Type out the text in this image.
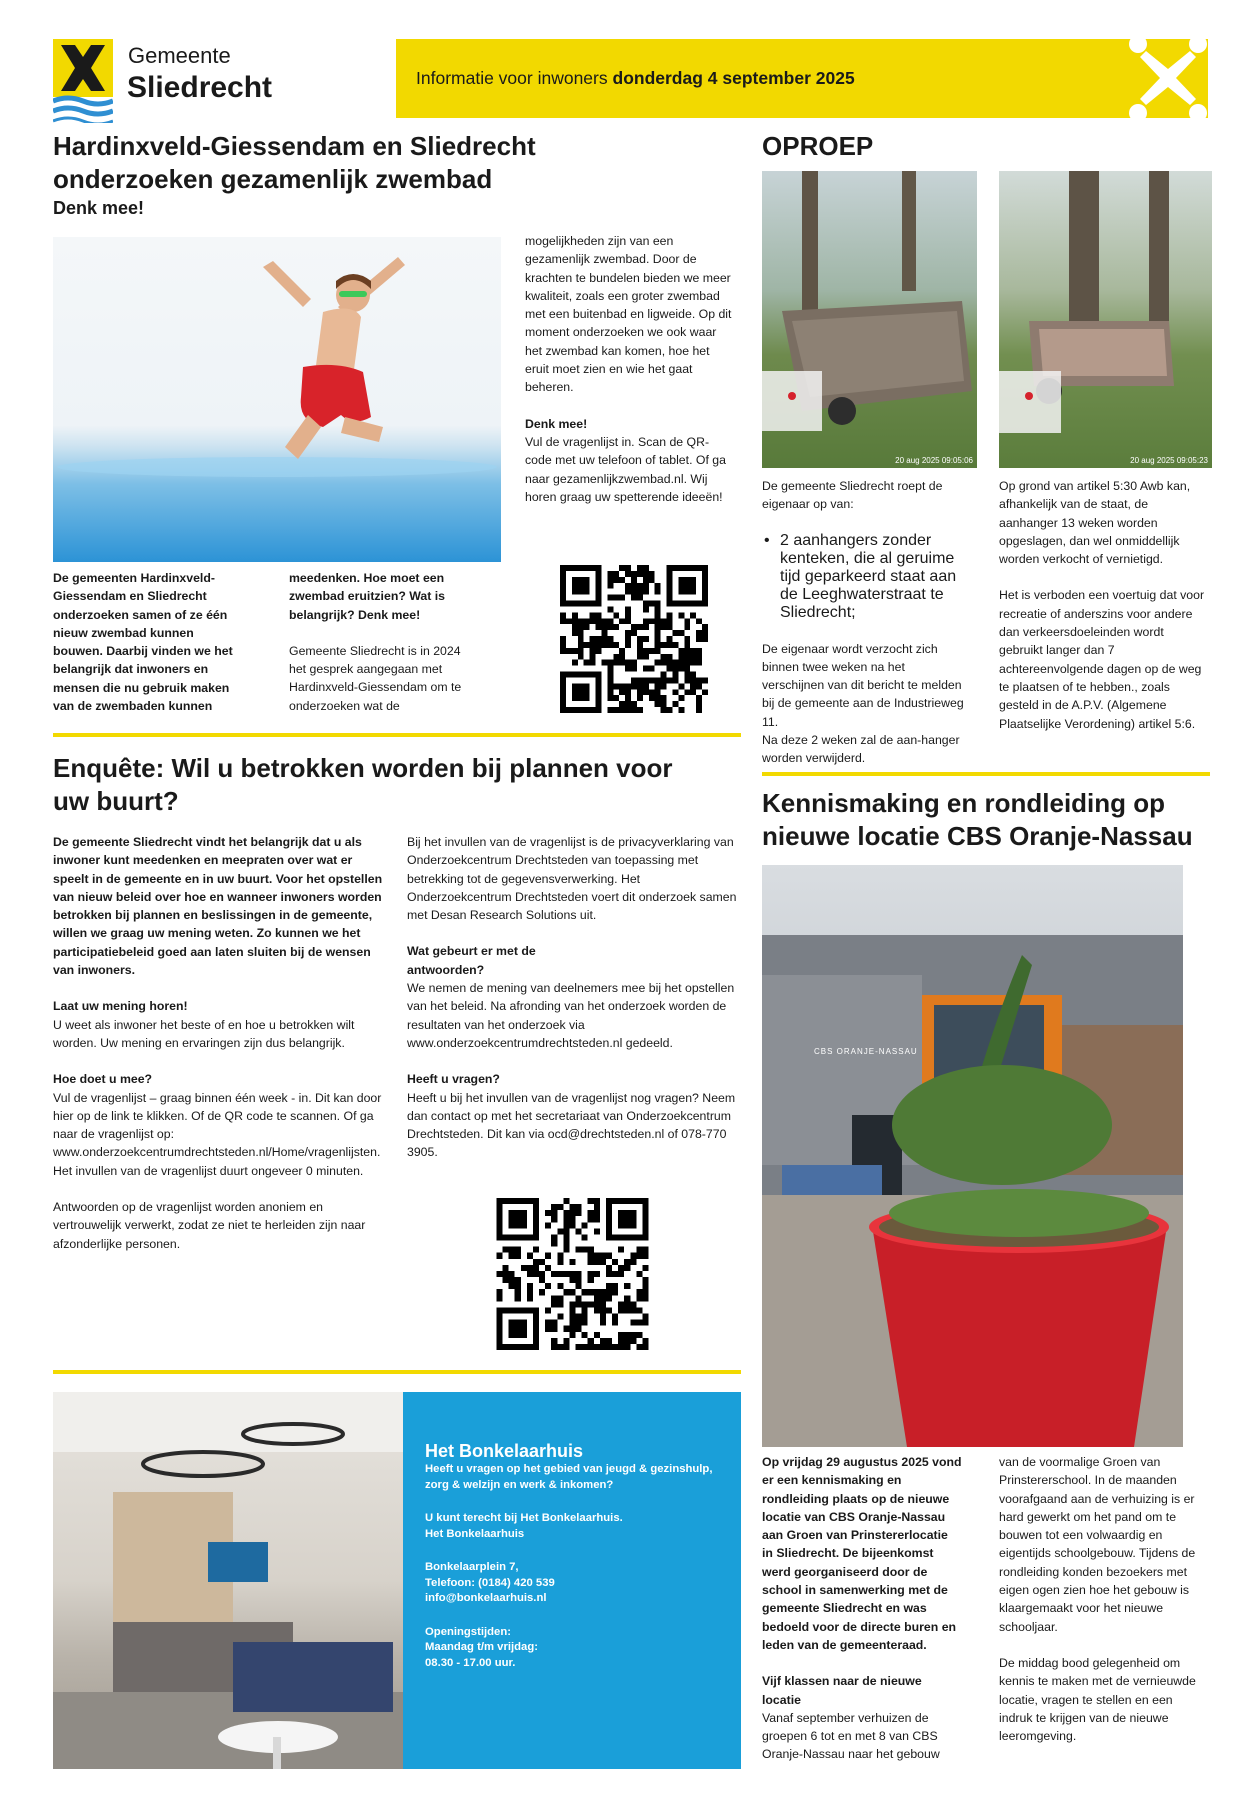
Gemeente
Sliedrecht	Informatie voor inwoners donderdag 4 september 2025
Hardinxveld-Giessendam en Sliedrecht onderzoeken gezamenlijk zwembad
Denk mee!
De gemeenten Hardinxveld-Giessendam en Sliedrecht onderzoeken samen of ze één nieuw zwembad kunnen bouwen. Daarbij vinden we het belangrijk dat inwoners en mensen die nu gebruik maken van de zwembaden kunnen

meedenken. Hoe moet een zwembad eruitzien? Wat is belangrijk? Denk mee!

Gemeente Sliedrecht is in 2024 het gesprek aangegaan met Hardinxveld-Giessendam om te onderzoeken wat de

mogelijkheden zijn van een gezamenlijk zwembad. Door de krachten te bundelen bieden we meer kwaliteit, zoals een groter zwembad met een buitenbad en ligweide. Op dit moment onderzoeken we ook waar het zwembad kan komen, hoe het eruit moet zien en wie het gaat beheren.

Denk mee!

Vul de vragenlijst in. Scan de QR-code met uw telefoon of tablet. Of ga naar gezamenlijkzwembad.nl. Wij horen graag uw spetterende ideeën!

OPROEP
20 aug 2025 09:05:06	20 aug 2025 09:05:23

De gemeente Sliedrecht roept de eigenaar op van:

• 2 aanhangers zonder kenteken, die al geruime tijd geparkeerd staat aan de Leeghwaterstraat te Sliedrecht;

De eigenaar wordt verzocht zich binnen twee weken na het verschijnen van dit bericht te melden bij de gemeente aan de Industrieweg 11.

Na deze 2 weken zal de aan-hanger worden verwijderd.

Op grond van artikel 5:30 Awb kan, afhankelijk van de staat, de aanhanger 13 weken worden opgeslagen, dan wel onmiddellijk worden verkocht of vernietigd.

Het is verboden een voertuig dat voor recreatie of anderszins voor andere dan verkeersdoeleinden wordt gebruikt langer dan 7 achtereenvolgende dagen op de weg te plaatsen of te hebben., zoals gesteld in de A.P.V. (Algemene Plaatselijke Verordening) artikel 5:6.

Enquête: Wil u betrokken worden bij plannen voor uw buurt?

De gemeente Sliedrecht vindt het belangrijk dat u als inwoner kunt meedenken en meepraten over wat er speelt in de gemeente en in uw buurt. Voor het opstellen van nieuw beleid over hoe en wanneer inwoners worden betrokken bij plannen en beslissingen in de gemeente, willen we graag uw mening weten. Zo kunnen we het participatiebeleid goed aan laten sluiten bij de wensen van inwoners.

Laat uw mening horen!

U weet als inwoner het beste of en hoe u betrokken wilt worden. Uw mening en ervaringen zijn dus belangrijk.

Hoe doet u mee?

Vul de vragenlijst – graag binnen één week - in. Dit kan door hier op de link te klikken. Of de QR code te scannen. Of ga naar de vragenlijst op: www.onderzoekcentrumdrechtsteden.nl/Home/vragenlijsten. Het invullen van de vragenlijst duurt ongeveer 0 minuten.

Antwoorden op de vragenlijst worden anoniem en vertrouwelijk verwerkt, zodat ze niet te herleiden zijn naar afzonderlijke personen.

Bij het invullen van de vragenlijst is de privacyverklaring van Onderzoekcentrum Drechtsteden van toepassing met betrekking tot de gegevensverwerking. Het Onderzoekcentrum Drechtsteden voert dit onderzoek samen met Desan Research Solutions uit.

Wat gebeurt er met de antwoorden?

We nemen de mening van deelnemers mee bij het opstellen van het beleid. Na afronding van het onderzoek worden de resultaten van het onderzoek via www.onderzoekcentrumdrechtsteden.nl gedeeld.

Heeft u vragen?

Heeft u bij het invullen van de vragenlijst nog vragen? Neem dan contact op met het secretariaat van Onderzoekcentrum Drechtsteden. Dit kan via ocd@drechtsteden.nl of 078-770 3905.

Het Bonkelaarhuis

Heeft u vragen op het gebied van jeugd & gezinshulp, zorg & welzijn en werk & inkomen?

U kunt terecht bij Het Bonkelaarhuis.

Het Bonkelaarhuis

Bonkelaarplein 7,

Telefoon: (0184) 420 539

info@bonkelaarhuis.nl

Openingstijden:

Maandag t/m vrijdag:

08.30 - 17.00 uur.

Kennismaking en rondleiding op nieuwe locatie CBS Oranje-Nassau
CBS ORANJE-NASSAU

Op vrijdag 29 augustus 2025 vond er een kennismaking en rondleiding plaats op de nieuwe locatie van CBS Oranje-Nassau aan Groen van Prinstererlocatie in Sliedrecht. De bijeenkomst werd georganiseerd door de school in samenwerking met de gemeente Sliedrecht en was bedoeld voor de directe buren en leden van de gemeenteraad.

Vijf klassen naar de nieuwe locatie

Vanaf september verhuizen de groepen 6 tot en met 8 van CBS Oranje-Nassau naar het gebouw

van de voormalige Groen van Prinstererschool. In de maanden voorafgaand aan de verhuizing is er hard gewerkt om het pand om te bouwen tot een volwaardig en eigentijds schoolgebouw. Tijdens de rondleiding konden bezoekers met eigen ogen zien hoe het gebouw is klaargemaakt voor het nieuwe schooljaar.

De middag bood gelegenheid om kennis te maken met de vernieuwde locatie, vragen te stellen en een indruk te krijgen van de nieuwe leeromgeving.
